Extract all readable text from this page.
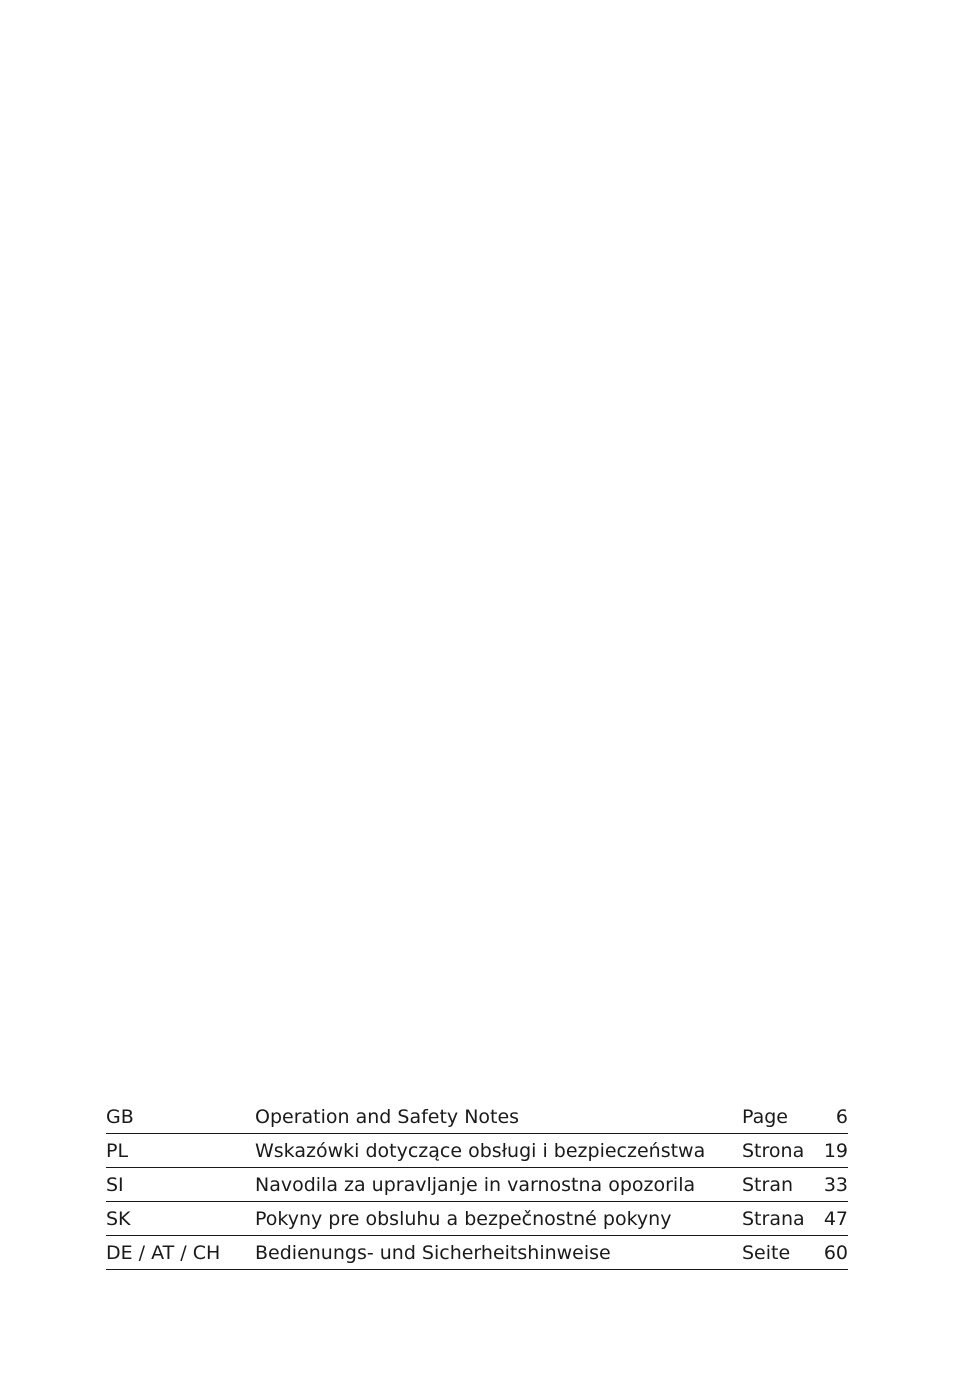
GB	Operation and Safety Notes	Page	6
PL	Wskazówki dotyczące obsługi i bezpieczeństwa	Strona	19
SI	Navodila za upravljanje in varnostna opozorila	Stran	33
SK	Pokyny pre obsluhu a bezpečnostné pokyny	Strana	47
DE / AT / CH	Bedienungs- und Sicherheitshinweise	Seite	60
